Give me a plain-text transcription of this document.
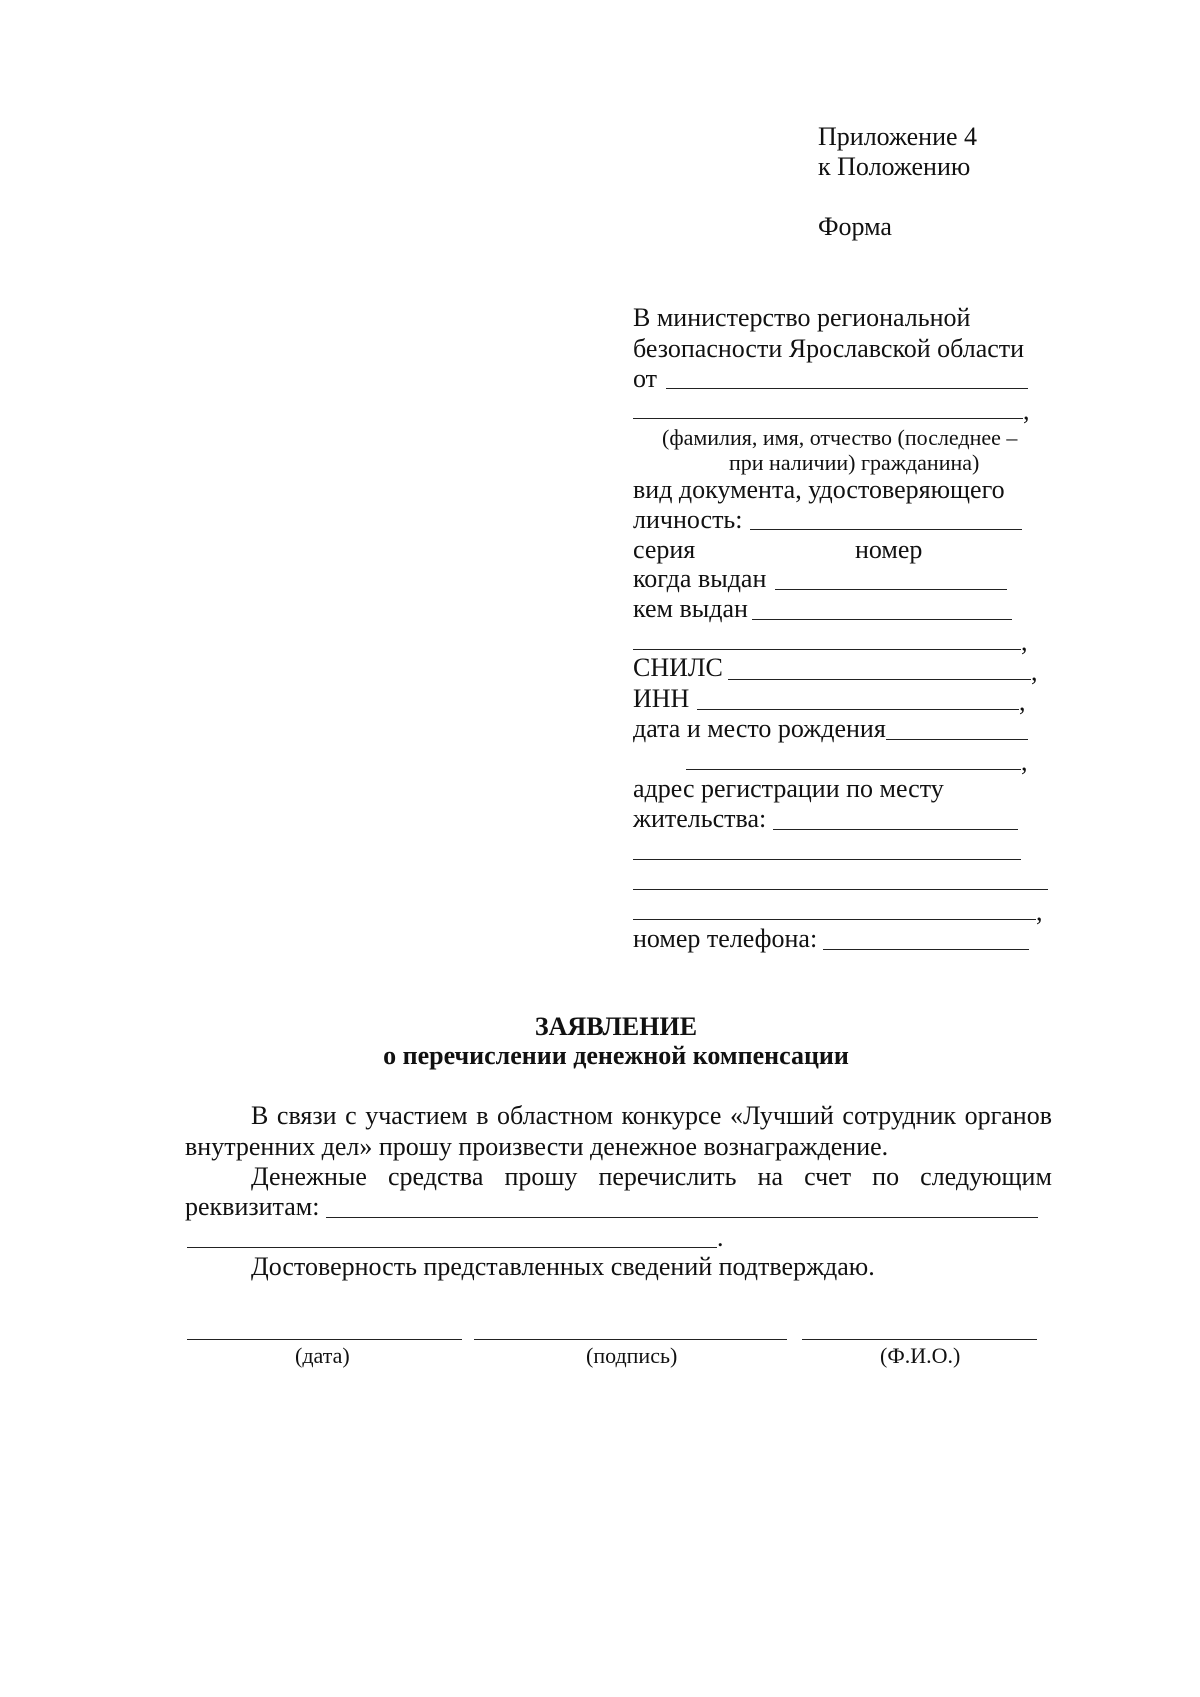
Приложение 4
к Положению
Форма
В министерство региональной
безопасности Ярославской области
от
,
(фамилия, имя, отчество (последнее –
при наличии) гражданина)
вид документа, удостоверяющего
личность:
серия	номер
когда выдан
кем выдан
,
СНИЛС	,
ИНН	,
дата и место рождения
,
адрес регистрации по месту
жительства:
,
номер телефона:
ЗАЯВЛЕНИЕ
о перечислении денежной компенсации
В связи с участием в областном конкурсе «Лучший сотрудник органов
внутренних дел» прошу произвести денежное вознаграждение.
Денежные средства прошу перечислить на счет по следующим
реквизитам:
.
Достоверность представленных сведений подтверждаю.
(дата)	(подпись)	(Ф.И.О.)
